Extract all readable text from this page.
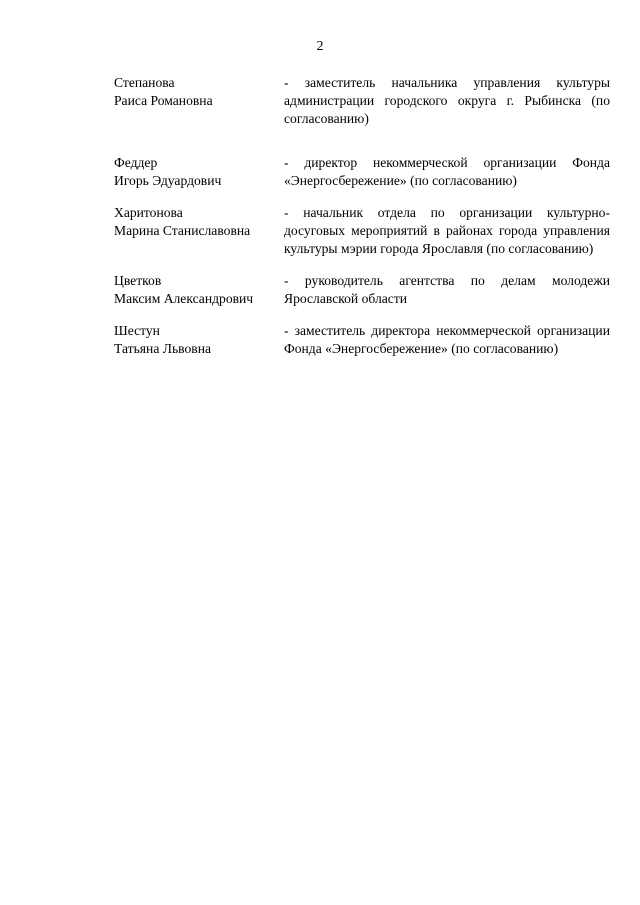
2
Степанова
Раиса Романовна
- заместитель начальника управления культуры администрации городского округа г. Рыбинска (по согласованию)
Феддер
Игорь Эдуардович
- директор некоммерческой организации Фонда «Энергосбережение» (по согласованию)
Харитонова
Марина Станиславовна
- начальник отдела по организации культурно-досуговых мероприятий в районах города управления культуры мэрии города Ярославля (по согласованию)
Цветков
Максим Александрович
- руководитель агентства по делам молодежи Ярославской области
Шестун
Татьяна Львовна
- заместитель директора некоммерческой организации Фонда «Энергосбережение» (по согласованию)
